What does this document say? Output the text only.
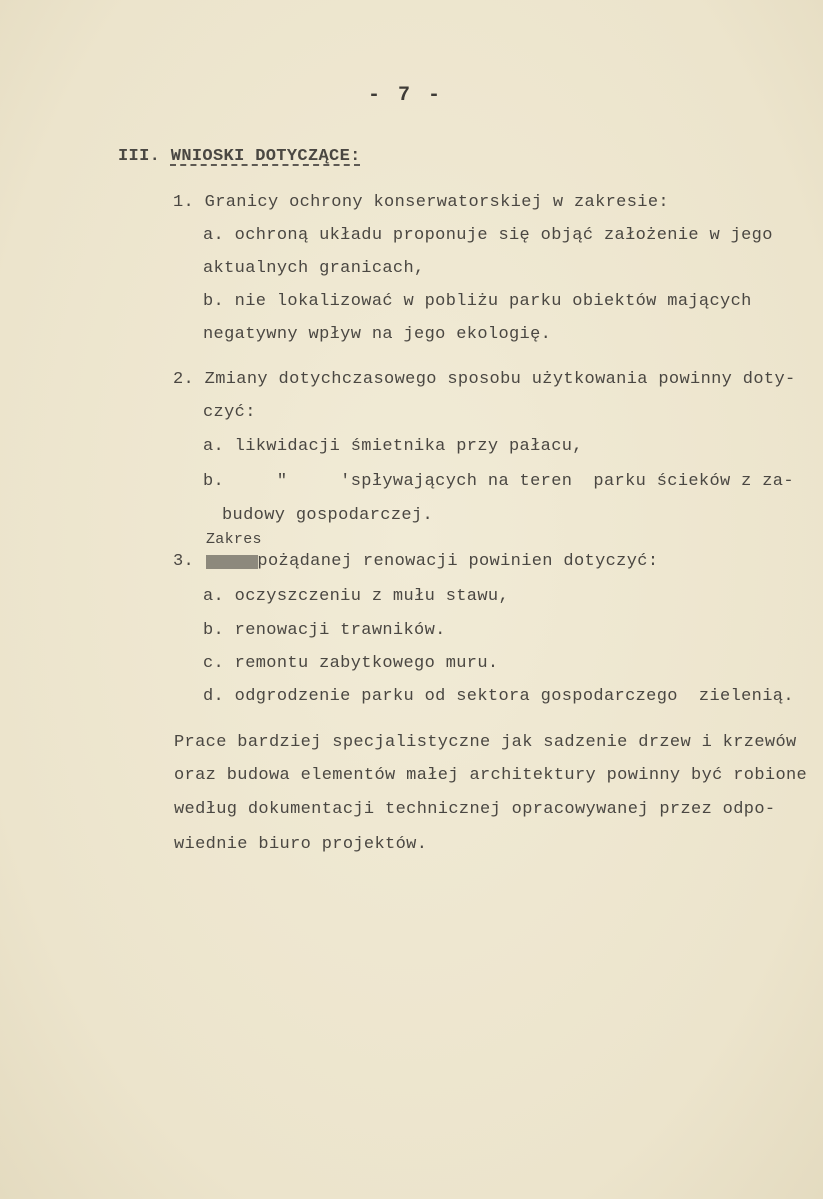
- 7 -
III. WNIOSKI DOTYCZĄCE:
1. Granicy ochrony konserwatorskiej w zakresie:
a. ochroną układu proponuje się objąć założenie w jego
aktualnych granicach,
b. nie lokalizować w pobliżu parku obiektów mających
negatywny wpływ na jego ekologię.
2. Zmiany dotychczasowego sposobu użytkowania powinny doty-
czyć:
a. likwidacji śmietnika przy pałacu,
b.     "     'spływających na teren  parku ścieków z za-
budowy gospodarczej.
Zakres
3.      pożądanej renowacji powinien dotyczyć:
a. oczyszczeniu z mułu stawu,
b. renowacji trawników.
c. remontu zabytkowego muru.
d. odgrodzenie parku od sektora gospodarczego  zielenią.
Prace bardziej specjalistyczne jak sadzenie drzew i krzewów
oraz budowa elementów małej architektury powinny być robione
według dokumentacji technicznej opracowywanej przez odpo-
wiednie biuro projektów.
